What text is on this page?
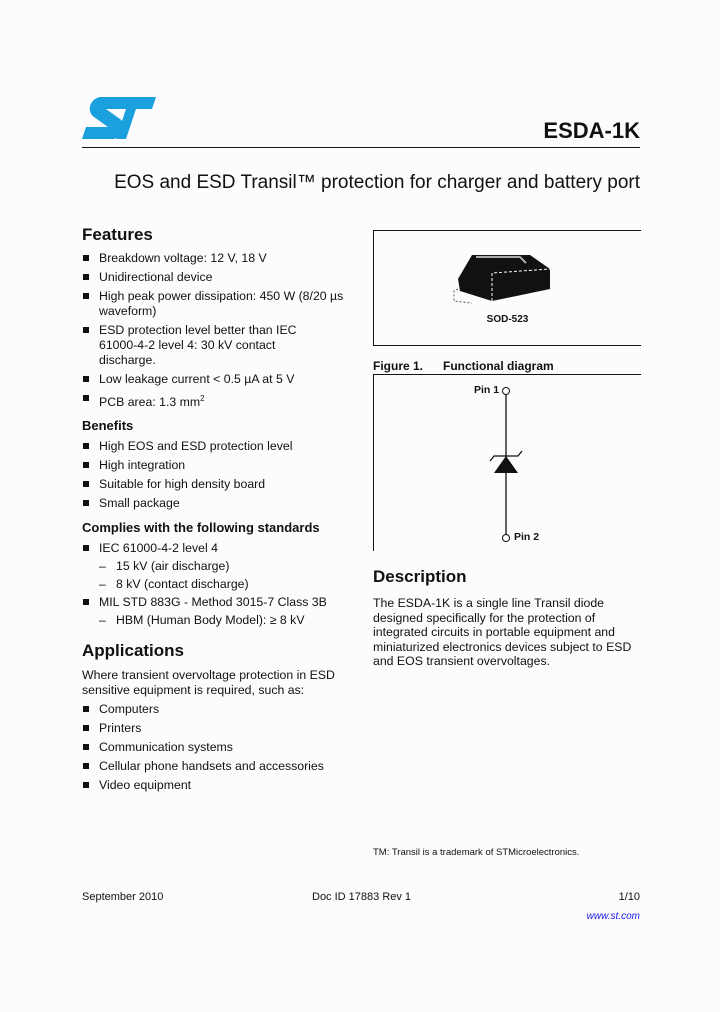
ESDA-1K
EOS and ESD Transil™ protection for charger and battery port
Features
Breakdown voltage: 12 V, 18 V
Unidirectional device
High peak power dissipation: 450 W (8/20 µs waveform)
ESD protection level better than IEC 61000-4-2 level 4: 30 kV contact discharge.
Low leakage current < 0.5 µA at 5 V
PCB area: 1.3 $mm^2$
Benefits
High EOS and ESD protection level
High integration
Suitable for high density board
Small package
Complies with the following standards
IEC 61000-4-2 level 4
– 15 kV (air discharge)
– 8 kV (contact discharge)
MIL STD 883G - Method 3015-7 Class 3B
– HBM (Human Body Model): ≥ 8 kV
Applications
Where transient overvoltage protection in ESD sensitive equipment is required, such as:
Computers
Printers
Communication systems
Cellular phone handsets and accessories
Video equipment
SOD-523
Figure 1. Functional diagram
Pin 1
Pin 2
Description
The ESDA-1K is a single line Transil diode designed specifically for the protection of integrated circuits in portable equipment and miniaturized electronics devices subject to ESD and EOS transient overvoltages.
TM: Transil is a trademark of STMicroelectronics.
September 2010	Doc ID 17883 Rev 1	1/10
www.st.com
